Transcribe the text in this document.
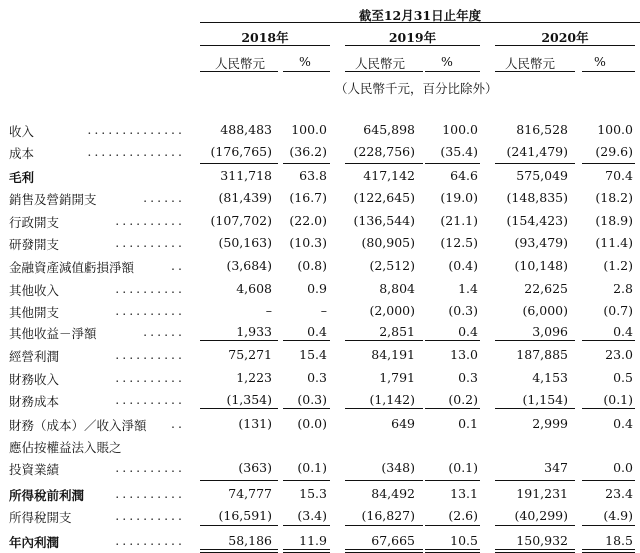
截至12月31日止年度
2018年	2019年	2020年
人民幣元	%	人民幣元	%	人民幣元	%
（人民幣千元，百分比除外）
收入	..............	488,483 100.0	645,898 100.0	816,528 100.0
成本	.............. (176,765) (36.2) (228,756) (35.4) (241,479) (29.6)
毛利	311,718 63.8	417,142	64.6	575,049	70.4
銷售及營銷開支	......	(81,439) (16.7) (122,645) (19.0) (148,835) (18.2)
行政開支	.......... (107,702) (22.0) (136,544) (21.1) (154,423) (18.9)
研發開支	..........	(50,163) (10.3)	(80,905) (12.5)	(93,479) (11.4)
金融資產減值虧損淨額	..	(3,684) (0.8)	(2,512)	(0.4)	(10,148)	(1.2)
其他收入	..........	4,608	0.9	8,804	1.4	22,625	2.8
其他開支	..........	–	–	(2,000)	(0.3)	(6,000)	(0.7)
其他收益－淨額	......	1,933	0.4	2,851	0.4	3,096	0.4
經營利潤	..........	75,271 15.4	84,191	13.0	187,885	23.0
財務收入	..........	1,223	0.3	1,791	0.3	4,153	0.5
財務成本	..........	(1,354) (0.3)	(1,142)	(0.2)	(1,154)	(0.1)
財務（成本）／收入淨額 ..	(131) (0.0)	649	0.1	2,999	0.4
應佔按權益法入賬之
投資業績	..........	(363) (0.1)	(348)	(0.1)	347	0.0
所得稅前利潤	..........	74,777 15.3	84,492	13.1	191,231	23.4
所得稅開支	..........	(16,591) (3.4)	(16,827)	(2.6)	(40,299)	(4.9)
年內利潤	..........	58,186 11.9	67,665	10.5	150,932	18.5
